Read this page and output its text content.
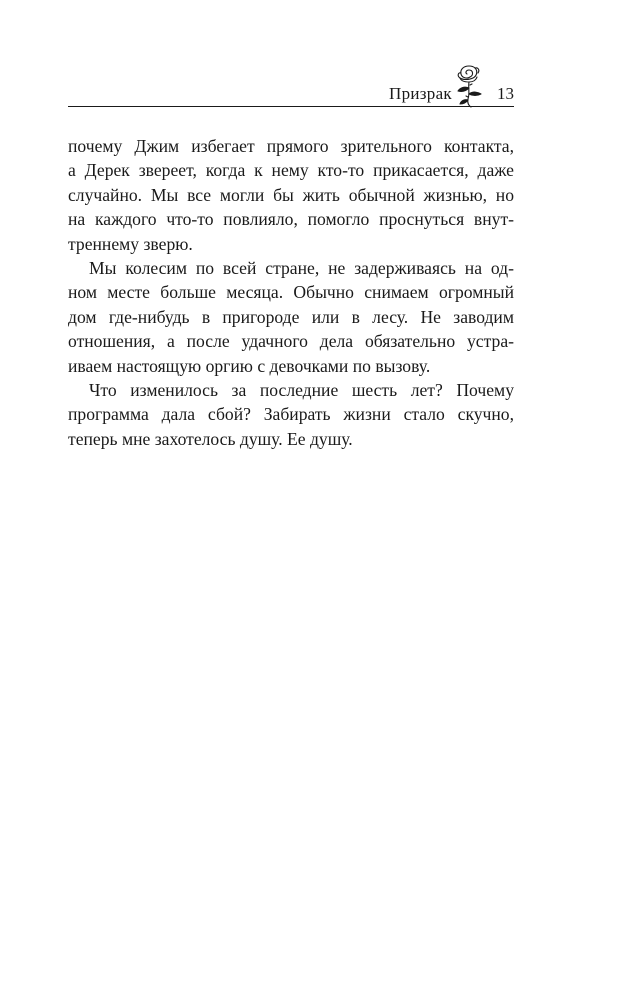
Призрак	13

почему Джим избегает прямого зрительного контакта,
а Дерек звереет, когда к нему кто-то прикасается, даже
случайно. Мы все могли бы жить обычной жизнью, но
на каждого что-то повлияло, помогло проснуться внут-
треннему зверю.

Мы колесим по всей стране, не задерживаясь на од-
ном месте больше месяца. Обычно снимаем огромный
дом где-нибудь в пригороде или в лесу. Не заводим
отношения, а после удачного дела обязательно устра-
иваем настоящую оргию с девочками по вызову.

Что изменилось за последние шесть лет? Почему
программа дала сбой? Забирать жизни стало скучно,
теперь мне захотелось душу. Ее душу.
